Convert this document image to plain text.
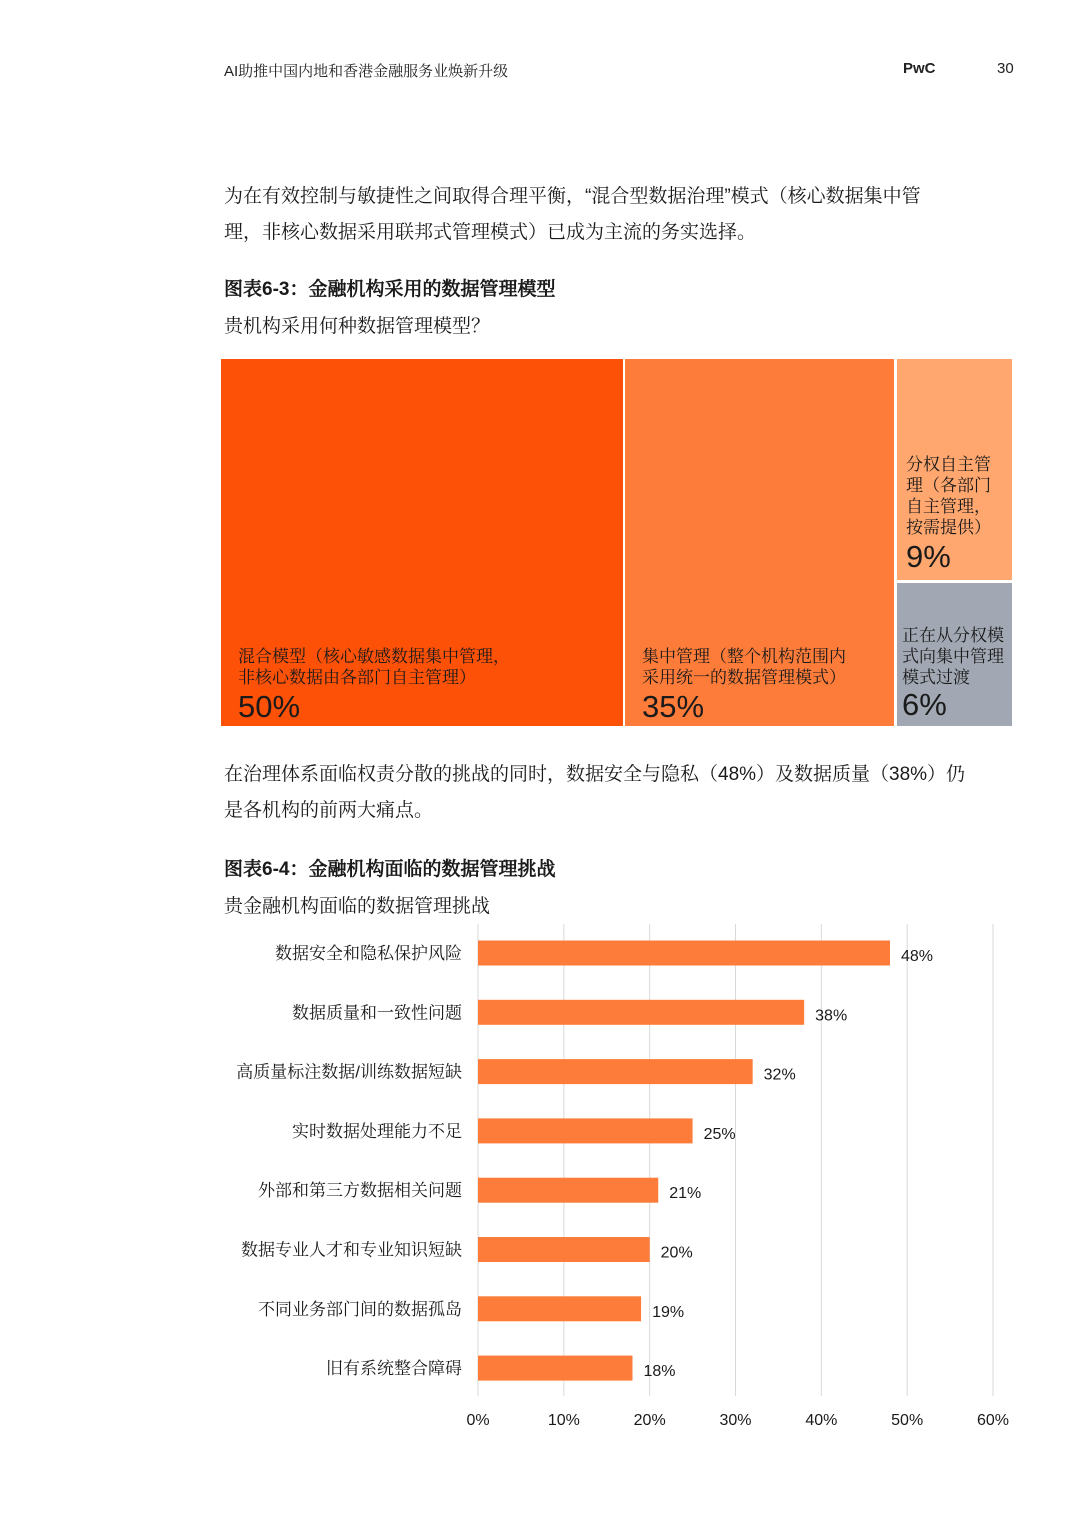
AI助推中国内地和香港金融服务业焕新升级	PwC	30
为在有效控制与敏捷性之间取得合理平衡，“混合型数据治理”模式（核心数据集中管
理，非核心数据采用联邦式管理模式）已成为主流的务实选择。
图表6-3：金融机构采用的数据管理模型
贵机构采用何种数据管理模型？
混合模型（核心敏感数据集中管理，
非核心数据由各部门自主管理）
50%
集中管理（整个机构范围内
采用统一的数据管理模式）
35%
分权自主管
理（各部门
自主管理，
按需提供）
9%
正在从分权模
式向集中管理
模式过渡
6%
在治理体系面临权责分散的挑战的同时，数据安全与隐私（48%）及数据质量（38%）仍
是各机构的前两大痛点。
图表6-4：金融机构面临的数据管理挑战
贵金融机构面临的数据管理挑战
0%	10%	20%	30%	40%	50%	60%
数据安全和隐私保护风险	48%
数据质量和一致性问题	38%
高质量标注数据/训练数据短缺	32%
实时数据处理能力不足	25%
外部和第三方数据相关问题	21%
数据专业人才和专业知识短缺	20%
不同业务部门间的数据孤岛	19%
旧有系统整合障碍	18%
